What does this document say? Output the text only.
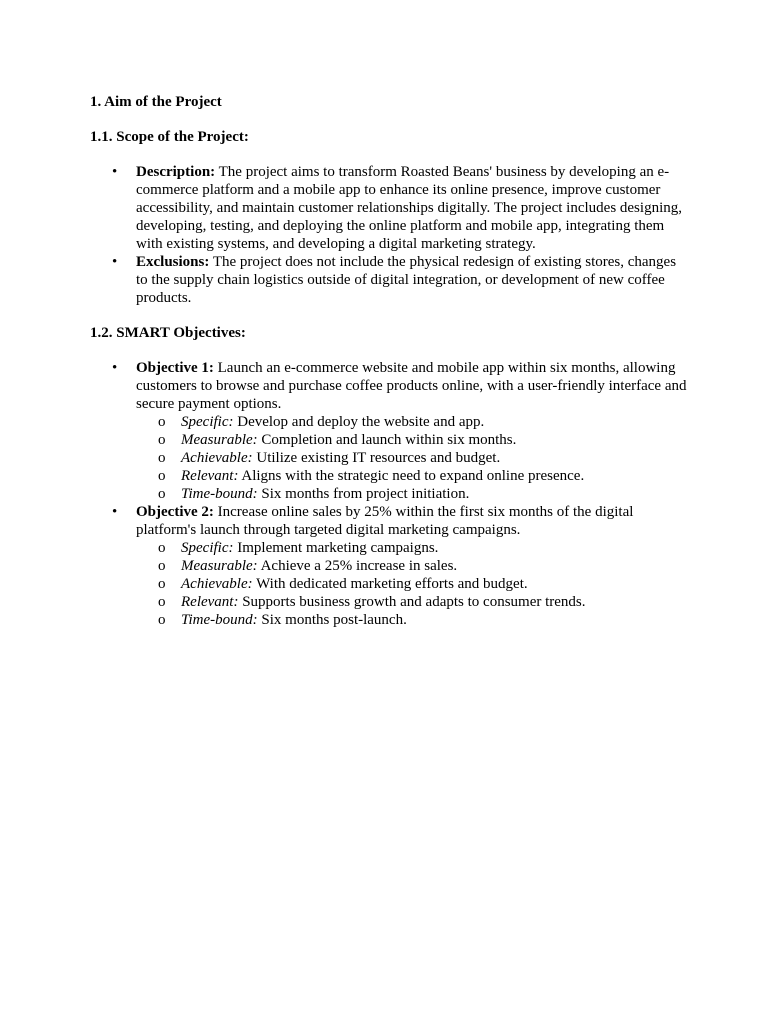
1. Aim of the Project

1.1. Scope of the Project:

•	Description: The project aims to transform Roasted Beans' business by developing an e-commerce platform and a mobile app to enhance its online presence, improve customer accessibility, and maintain customer relationships digitally. The project includes designing, developing, testing, and deploying the online platform and mobile app, integrating them with existing systems, and developing a digital marketing strategy.
•	Exclusions: The project does not include the physical redesign of existing stores, changes to the supply chain logistics outside of digital integration, or development of new coffee products.

1.2. SMART Objectives:

•	Objective 1: Launch an e-commerce website and mobile app within six months, allowing customers to browse and purchase coffee products online, with a user-friendly interface and secure payment options.
o Specific: Develop and deploy the website and app.
o Measurable: Completion and launch within six months.
o Achievable: Utilize existing IT resources and budget.
o Relevant: Aligns with the strategic need to expand online presence.
o Time-bound: Six months from project initiation.
•	Objective 2: Increase online sales by 25% within the first six months of the digital platform's launch through targeted digital marketing campaigns.
o Specific: Implement marketing campaigns.
o Measurable: Achieve a 25% increase in sales.
o Achievable: With dedicated marketing efforts and budget.
o Relevant: Supports business growth and adapts to consumer trends.
o Time-bound: Six months post-launch.
